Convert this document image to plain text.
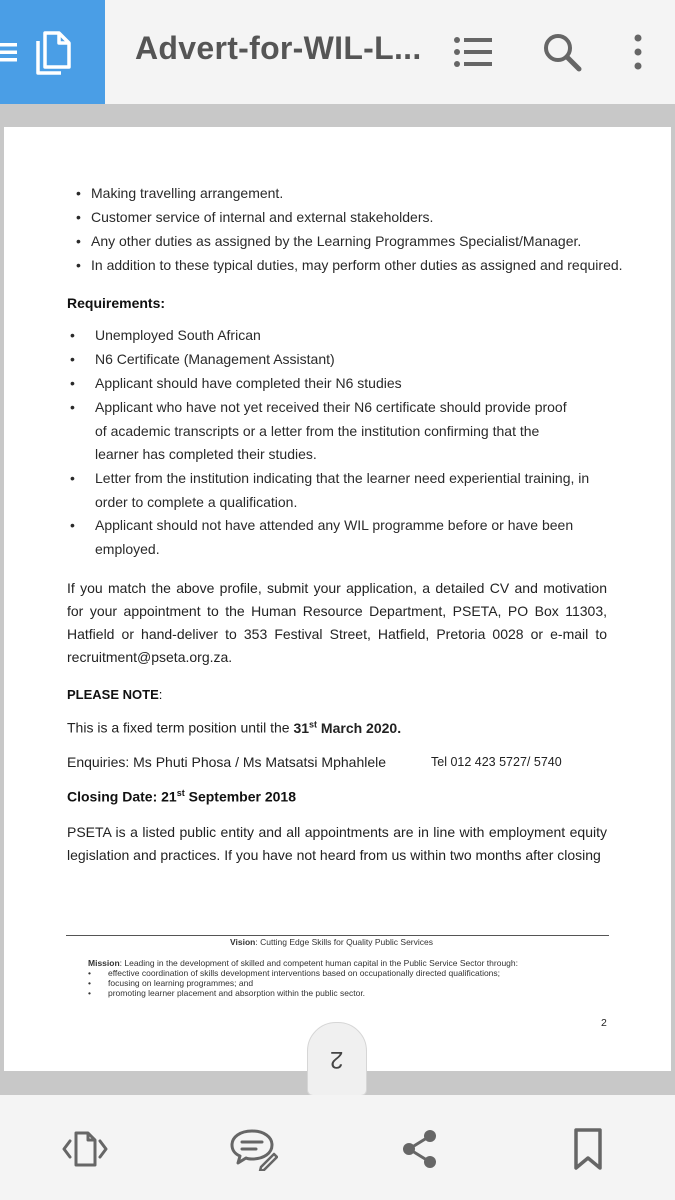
Advert-for-WIL-L...
• Making travelling arrangement.
• Customer service of internal and external stakeholders.
• Any other duties as assigned by the Learning Programmes Specialist/Manager.
• In addition to these typical duties, may perform other duties as assigned and required.
Requirements:
• Unemployed South African
• N6 Certificate (Management Assistant)
• Applicant should have completed their N6 studies
• Applicant who have not yet received their N6 certificate should provide proof of academic transcripts or a letter from the institution confirming that the learner has completed their studies.
• Letter from the institution indicating that the learner need experiential training, in order to complete a qualification.
• Applicant should not have attended any WIL programme before or have been employed.
If you match the above profile, submit your application, a detailed CV and motivation for your appointment to the Human Resource Department, PSETA, PO Box 11303, Hatfield or hand-deliver to 353 Festival Street, Hatfield, Pretoria 0028 or e-mail to recruitment@pseta.org.za.
PLEASE NOTE:
This is a fixed term position until the 31st March 2020.
Enquiries: Ms Phuti Phosa / Ms Matsatsi Mphahlele	Tel 012 423 5727/ 5740
Closing Date: 21st September 2018
PSETA is a listed public entity and all appointments are in line with employment equity legislation and practices. If you have not heard from us within two months after closing
Vision: Cutting Edge Skills for Quality Public Services
Mission: Leading in the development of skilled and competent human capital in the Public Service Sector through:
• effective coordination of skills development interventions based on occupationally directed qualifications;
• focusing on learning programmes; and
• promoting learner placement and absorption within the public sector.
2
2
